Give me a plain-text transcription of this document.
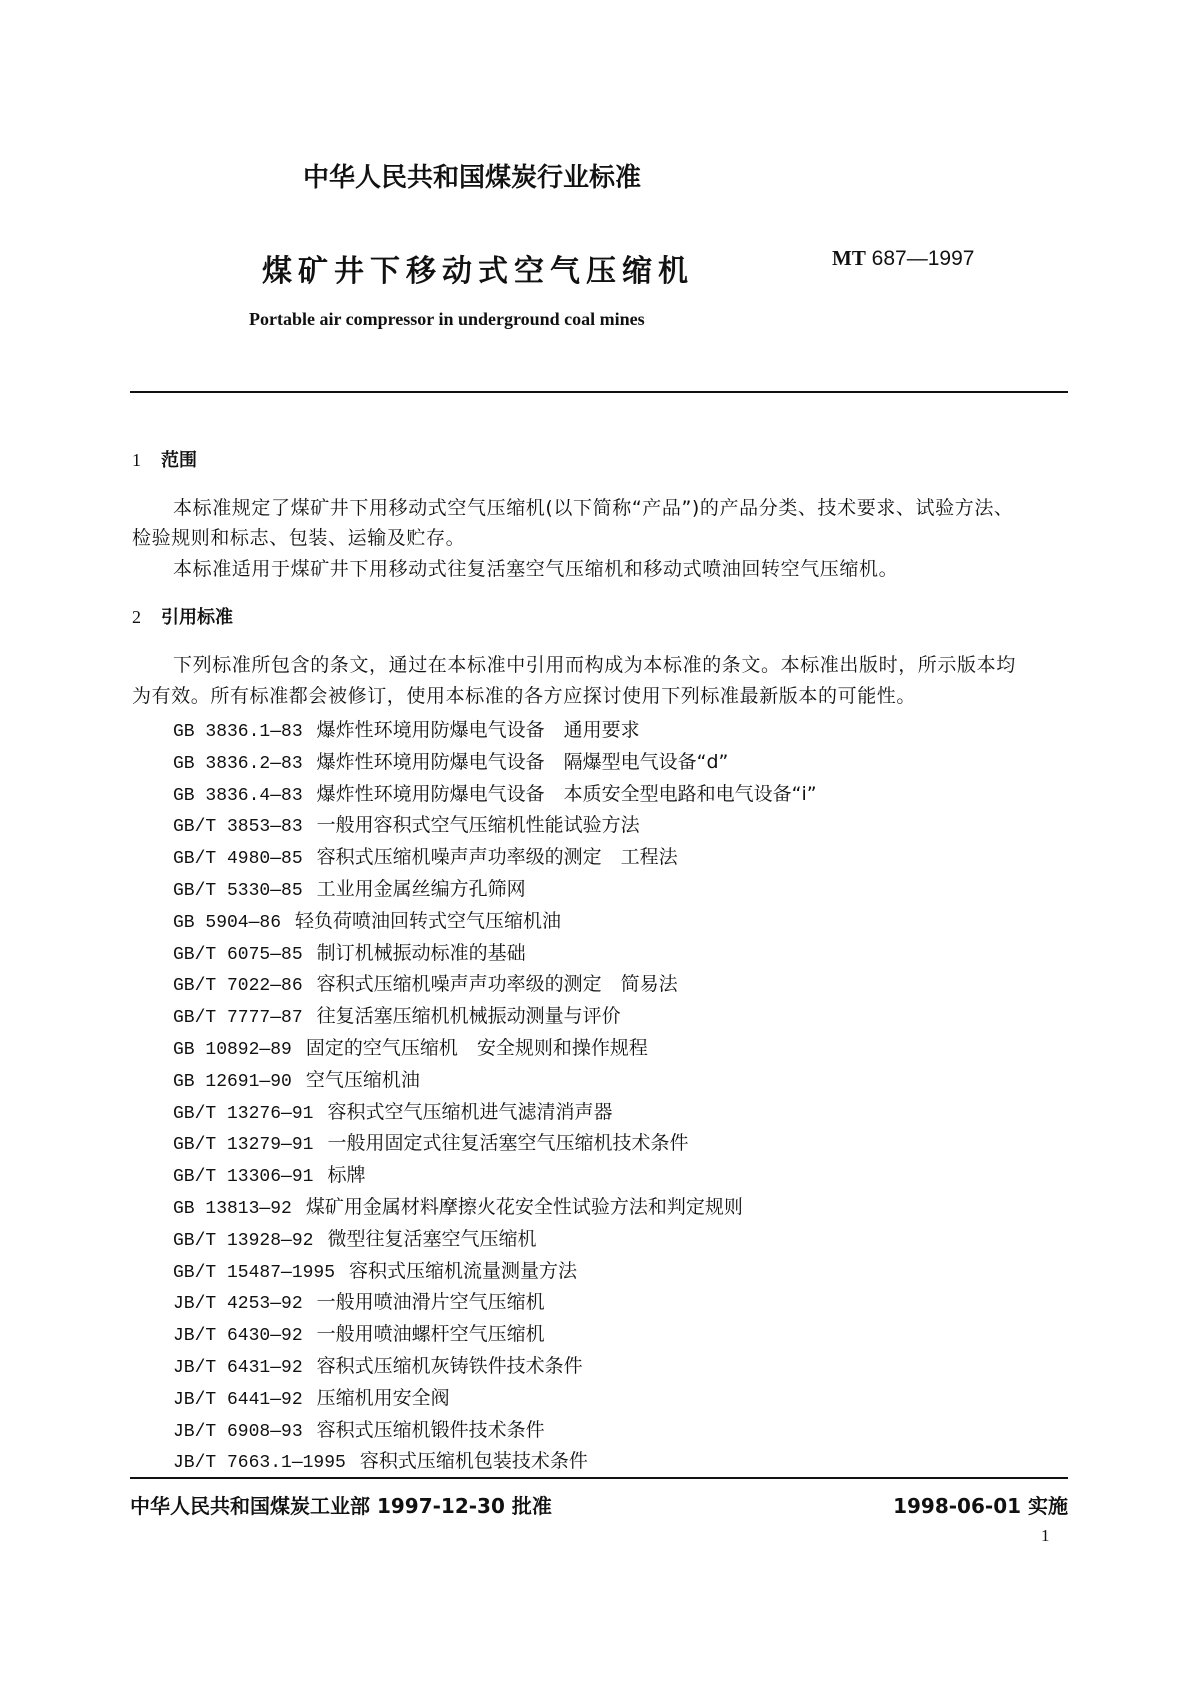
中华人民共和国煤炭行业标准
煤矿井下移动式空气压缩机	MT 687—1997
Portable air compressor in underground coal mines
1 范围
本标准规定了煤矿井下用移动式空气压缩机(以下简称“产品”)的产品分类、技术要求、试验方法、
检验规则和标志、包装、运输及贮存。
本标准适用于煤矿井下用移动式往复活塞空气压缩机和移动式喷油回转空气压缩机。
2 引用标准
下列标准所包含的条文，通过在本标准中引用而构成为本标准的条文。本标准出版时，所示版本均
为有效。所有标准都会被修订，使用本标准的各方应探讨使用下列标准最新版本的可能性。
GB 3836.1—83 爆炸性环境用防爆电气设备　通用要求
GB 3836.2—83 爆炸性环境用防爆电气设备　隔爆型电气设备“d”
GB 3836.4—83 爆炸性环境用防爆电气设备　本质安全型电路和电气设备“i”
GB/T 3853—83 一般用容积式空气压缩机性能试验方法
GB/T 4980—85 容积式压缩机噪声声功率级的测定　工程法
GB/T 5330—85 工业用金属丝编方孔筛网
GB 5904—86 轻负荷喷油回转式空气压缩机油
GB/T 6075—85 制订机械振动标准的基础
GB/T 7022—86 容积式压缩机噪声声功率级的测定　简易法
GB/T 7777—87 往复活塞压缩机机械振动测量与评价
GB 10892—89 固定的空气压缩机　安全规则和操作规程
GB 12691—90 空气压缩机油
GB/T 13276—91 容积式空气压缩机进气滤清消声器
GB/T 13279—91 一般用固定式往复活塞空气压缩机技术条件
GB/T 13306—91 标牌
GB 13813—92 煤矿用金属材料摩擦火花安全性试验方法和判定规则
GB/T 13928—92 微型往复活塞空气压缩机
GB/T 15487—1995 容积式压缩机流量测量方法
JB/T 4253—92 一般用喷油滑片空气压缩机
JB/T 6430—92 一般用喷油螺杆空气压缩机
JB/T 6431—92 容积式压缩机灰铸铁件技术条件
JB/T 6441—92 压缩机用安全阀
JB/T 6908—93 容积式压缩机锻件技术条件
JB/T 7663.1—1995 容积式压缩机包装技术条件
中华人民共和国煤炭工业部 1997-12-30 批准	1998-06-01 实施
1
